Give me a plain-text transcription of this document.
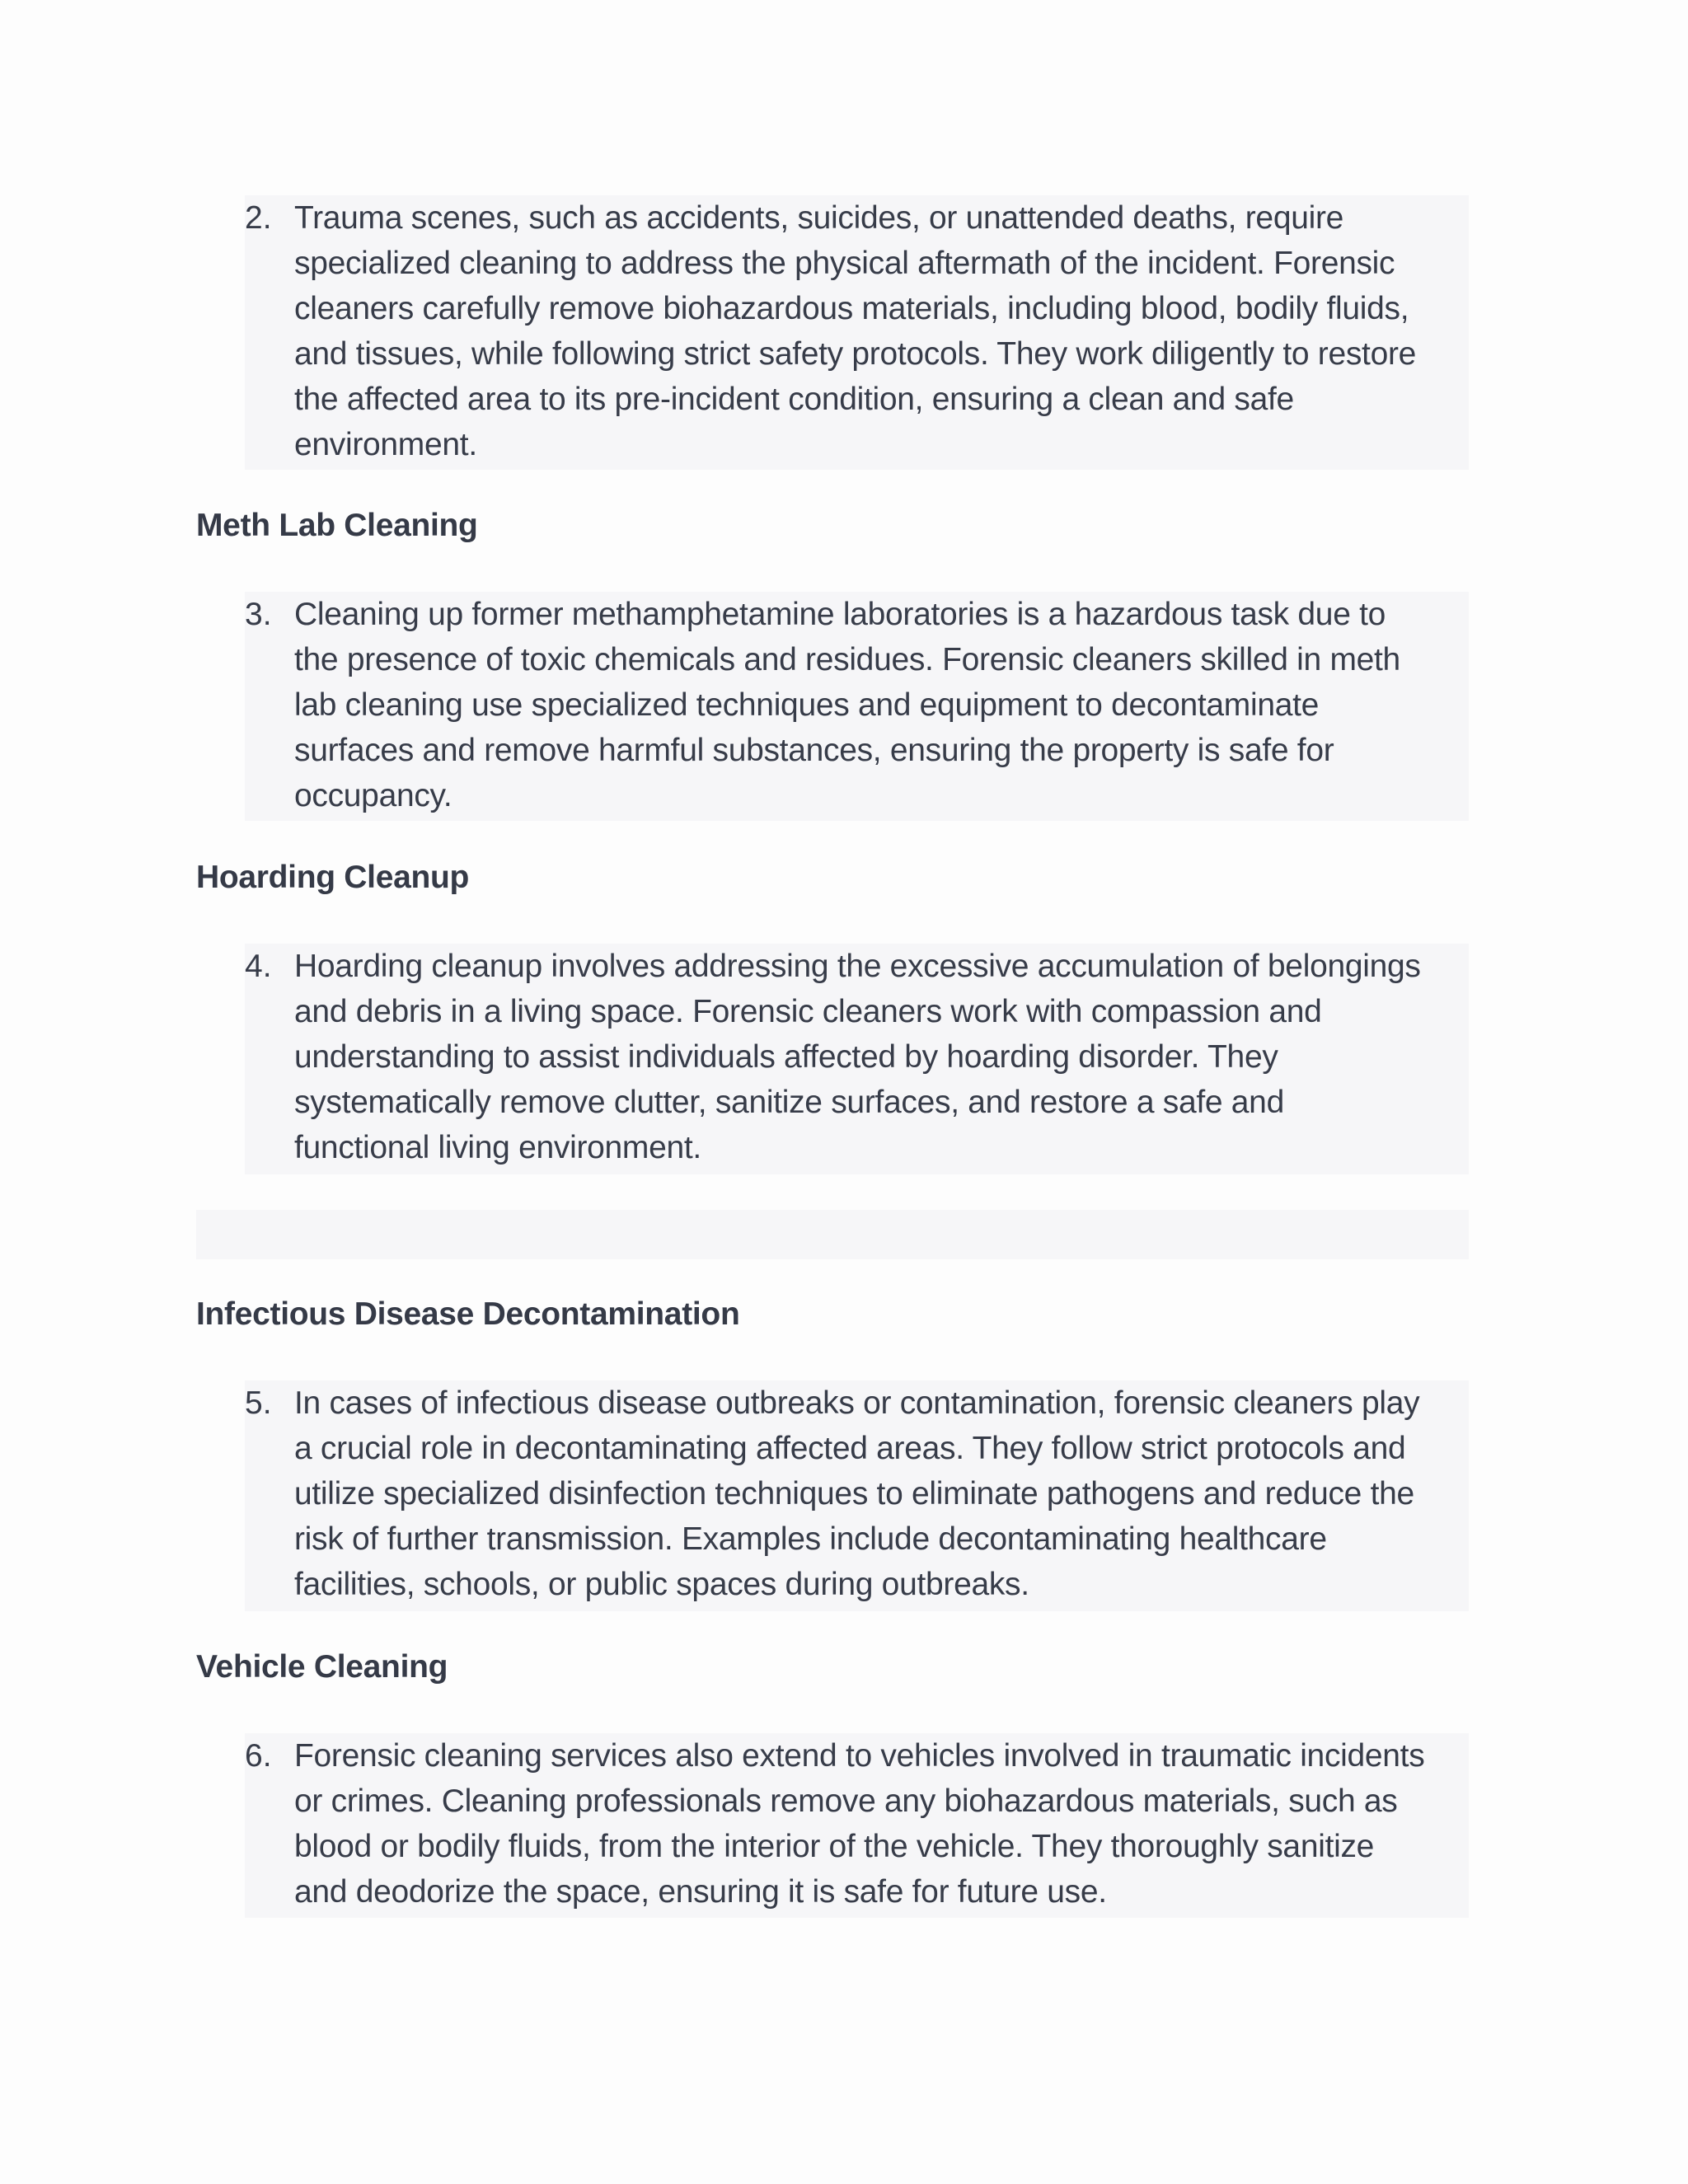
2. Trauma scenes, such as accidents, suicides, or unattended deaths, require
specialized cleaning to address the physical aftermath of the incident. Forensic
cleaners carefully remove biohazardous materials, including blood, bodily fluids,
and tissues, while following strict safety protocols. They work diligently to restore
the affected area to its pre-incident condition, ensuring a clean and safe
environment.
Meth Lab Cleaning
3. Cleaning up former methamphetamine laboratories is a hazardous task due to
the presence of toxic chemicals and residues. Forensic cleaners skilled in meth
lab cleaning use specialized techniques and equipment to decontaminate
surfaces and remove harmful substances, ensuring the property is safe for
occupancy.
Hoarding Cleanup
4. Hoarding cleanup involves addressing the excessive accumulation of belongings
and debris in a living space. Forensic cleaners work with compassion and
understanding to assist individuals affected by hoarding disorder. They
systematically remove clutter, sanitize surfaces, and restore a safe and
functional living environment.
Infectious Disease Decontamination
5. In cases of infectious disease outbreaks or contamination, forensic cleaners play
a crucial role in decontaminating affected areas. They follow strict protocols and
utilize specialized disinfection techniques to eliminate pathogens and reduce the
risk of further transmission. Examples include decontaminating healthcare
facilities, schools, or public spaces during outbreaks.
Vehicle Cleaning
6. Forensic cleaning services also extend to vehicles involved in traumatic incidents
or crimes. Cleaning professionals remove any biohazardous materials, such as
blood or bodily fluids, from the interior of the vehicle. They thoroughly sanitize
and deodorize the space, ensuring it is safe for future use.
